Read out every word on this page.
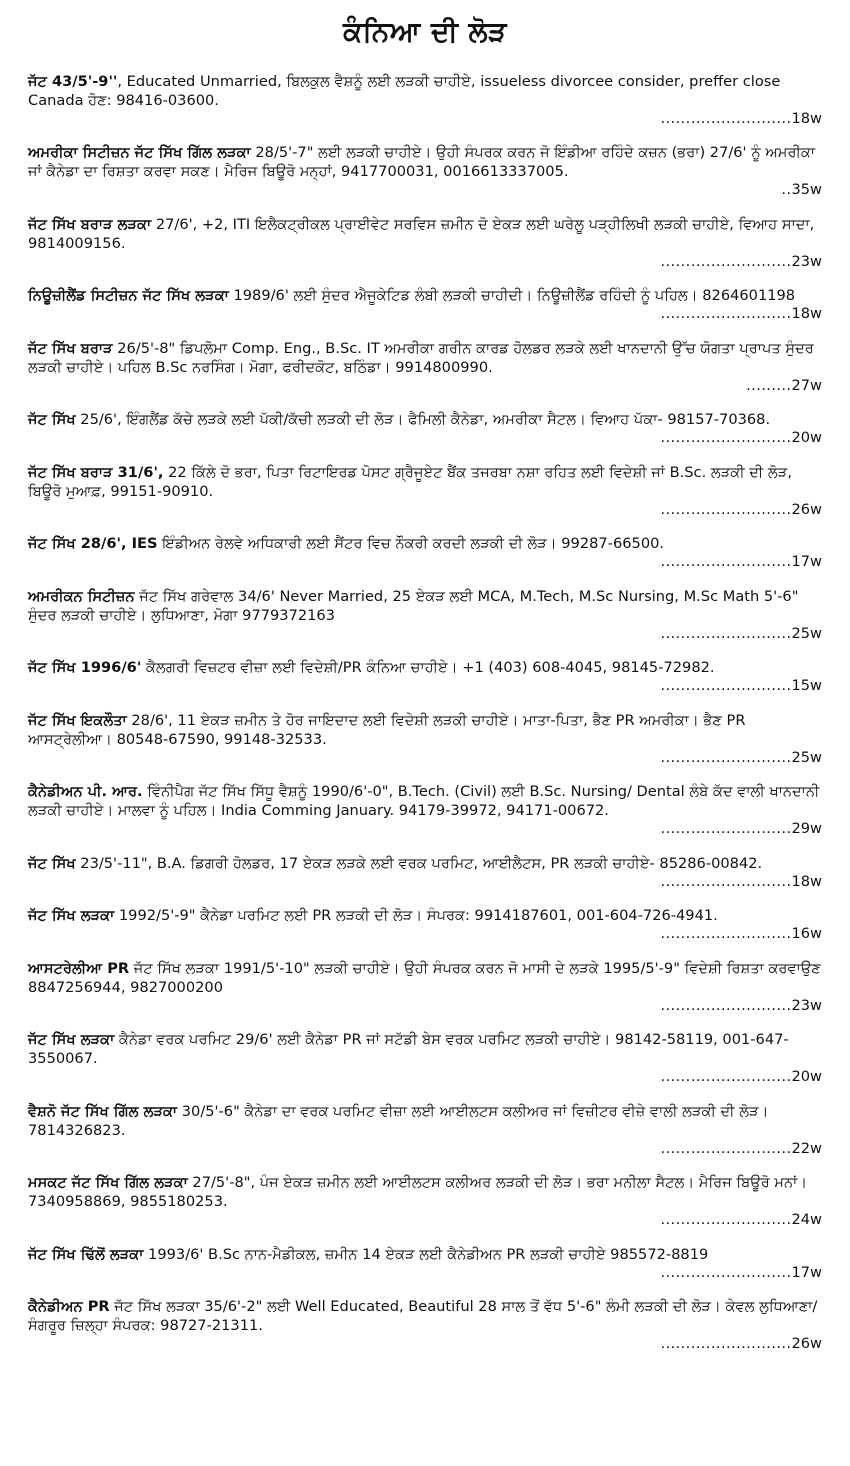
ਕੰਨਿਆ ਦੀ ਲੋੜ
ਜੱਟ 43/5'-9'', Educated Unmarried, ਬਿਲਕੁਲ ਵੈਸ਼ਨੂੰ ਲਈ ਲੜਕੀ ਚਾਹੀਏ, issueless divorcee consider, preffer close Canada ਹੋਣ: 98416-03600.
..........................18w
ਅਮਰੀਕਾ ਸਿਟੀਜ਼ਨ ਜੱਟ ਸਿੱਖ ਗਿੱਲ ਲੜਕਾ 28/5'-7" ਲਈ ਲੜਕੀ ਚਾਹੀਏ। ਉਹੀ ਸੰਪਰਕ ਕਰਨ ਜੋ ਇੰਡੀਆ ਰਹਿੰਦੇ ਕਜ਼ਨ (ਭਰਾ) 27/6' ਨੂੰ ਅਮਰੀਕਾ ਜਾਂ ਕੈਨੇਡਾ ਦਾ ਰਿਸ਼ਤਾ ਕਰਵਾ ਸਕਣ। ਮੈਰਿਜ ਬਿਊਰੋ ਮਨ੍ਹਾਂ, 9417700031, 0016613337005.
..35w
ਜੱਟ ਸਿੱਖ ਬਰਾੜ ਲੜਕਾ 27/6', +2, ITI ਇਲੈਕਟ੍ਰੀਕਲ ਪ੍ਰਾਈਵੇਟ ਸਰਵਿਸ ਜ਼ਮੀਨ ਦੋ ਏਕੜ ਲਈ ਘਰੇਲੂ ਪੜ੍ਹੀਲਿਖੀ ਲੜਕੀ ਚਾਹੀਏ, ਵਿਆਹ ਸਾਦਾ, 9814009156.
..........................23w
ਨਿਊਜ਼ੀਲੈਂਡ ਸਿਟੀਜ਼ਨ ਜੱਟ ਸਿੱਖ ਲੜਕਾ 1989/6' ਲਈ ਸੁੰਦਰ ਐਜੂਕੇਟਿਡ ਲੰਬੀ ਲੜਕੀ ਚਾਹੀਦੀ। ਨਿਊਜ਼ੀਲੈਂਡ ਰਹਿੰਦੀ ਨੂੰ ਪਹਿਲ। 8264601198
..........................18w
ਜੱਟ ਸਿੱਖ ਬਰਾੜ 26/5'-8" ਡਿਪਲੋਮਾ Comp. Eng., B.Sc. IT ਅਮਰੀਕਾ ਗਰੀਨ ਕਾਰਡ ਹੋਲਡਰ ਲੜਕੇ ਲਈ ਖਾਨਦਾਨੀ ਉੱਚ ਯੋਗਤਾ ਪ੍ਰਾਪਤ ਸੁੰਦਰ ਲੜਕੀ ਚਾਹੀਏ। ਪਹਿਲ B.Sc ਨਰਸਿੰਗ। ਮੋਗਾ, ਫਰੀਦਕੋਟ, ਬਠਿੰਡਾ। 9914800990.
.........27w
ਜੱਟ ਸਿੱਖ 25/6', ਇੰਗਲੈਂਡ ਕੱਚੇ ਲੜਕੇ ਲਈ ਪੱਕੀ/ਕੱਚੀ ਲੜਕੀ ਦੀ ਲੋੜ। ਫੈਮਿਲੀ ਕੈਨੇਡਾ, ਅਮਰੀਕਾ ਸੈਟਲ। ਵਿਆਹ ਪੱਕਾ- 98157-70368.
..........................20w
ਜੱਟ ਸਿੱਖ ਬਰਾੜ 31/6', 22 ਕਿੱਲੇ ਦੋ ਭਰਾ, ਪਿਤਾ ਰਿਟਾਇਰਡ ਪੋਸਟ ਗ੍ਰੈਜੂਏਟ ਬੈਂਕ ਤਜਰਬਾ ਨਸ਼ਾ ਰਹਿਤ ਲਈ ਵਿਦੇਸ਼ੀ ਜਾਂ B.Sc. ਲੜਕੀ ਦੀ ਲੋੜ, ਬਿਊਰੋ ਮੁਆਫ਼, 99151-90910.
..........................26w
ਜੱਟ ਸਿੱਖ 28/6', IES ਇੰਡੀਅਨ ਰੇਲਵੇ ਅਧਿਕਾਰੀ ਲਈ ਸੈਂਟਰ ਵਿਚ ਨੌਕਰੀ ਕਰਦੀ ਲੜਕੀ ਦੀ ਲੋੜ। 99287-66500.
..........................17w
ਅਮਰੀਕਨ ਸਿਟੀਜ਼ਨ ਜੱਟ ਸਿੱਖ ਗਰੇਵਾਲ 34/6' Never Married, 25 ਏਕੜ ਲਈ MCA, M.Tech, M.Sc Nursing, M.Sc Math 5'-6" ਸੁੰਦਰ ਲੜਕੀ ਚਾਹੀਏ। ਲੁਧਿਆਣਾ, ਮੋਗਾ 9779372163
..........................25w
ਜੱਟ ਸਿੱਖ 1996/6' ਕੈਲਗਰੀ ਵਿਜ਼ਟਰ ਵੀਜ਼ਾ ਲਈ ਵਿਦੇਸ਼ੀ/PR ਕੰਨਿਆ ਚਾਹੀਏ। +1 (403) 608-4045, 98145-72982.
..........................15w
ਜੱਟ ਸਿੱਖ ਇਕਲੌਤਾ 28/6', 11 ਏਕੜ ਜ਼ਮੀਨ ਤੇ ਹੋਰ ਜਾਇਦਾਦ ਲਈ ਵਿਦੇਸ਼ੀ ਲੜਕੀ ਚਾਹੀਏ। ਮਾਤਾ-ਪਿਤਾ, ਭੈਣ PR ਅਮਰੀਕਾ। ਭੈਣ PR ਆਸਟ੍ਰੇਲੀਆ। 80548-67590, 99148-32533.
..........................25w
ਕੈਨੇਡੀਅਨ ਪੀ. ਆਰ. ਵਿੰਨੀਪੈਗ ਜੱਟ ਸਿੱਖ ਸਿੱਧੂ ਵੈਸ਼ਨੂੰ 1990/6'-0", B.Tech. (Civil) ਲਈ B.Sc. Nursing/ Dental ਲੰਬੇ ਕੱਦ ਵਾਲੀ ਖਾਨਦਾਨੀ ਲੜਕੀ ਚਾਹੀਏ। ਮਾਲਵਾ ਨੂੰ ਪਹਿਲ। India Comming January. 94179-39972, 94171-00672.
..........................29w
ਜੱਟ ਸਿੱਖ 23/5'-11", B.A. ਡਿਗਰੀ ਹੋਲਡਰ, 17 ਏਕੜ ਲੜਕੇ ਲਈ ਵਰਕ ਪਰਮਿਟ, ਆਈਲੈਟਸ, PR ਲੜਕੀ ਚਾਹੀਏ- 85286-00842.
..........................18w
ਜੱਟ ਸਿੱਖ ਲੜਕਾ 1992/5'-9" ਕੈਨੇਡਾ ਪਰਮਿਟ ਲਈ PR ਲੜਕੀ ਦੀ ਲੋੜ। ਸੰਪਰਕ: 9914187601, 001-604-726-4941.
..........................16w
ਆਸਟਰੇਲੀਆ PR ਜੱਟ ਸਿੱਖ ਲੜਕਾ 1991/5'-10" ਲੜਕੀ ਚਾਹੀਏ। ਉਹੀ ਸੰਪਰਕ ਕਰਨ ਜੋ ਮਾਸੀ ਦੇ ਲੜਕੇ 1995/5'-9" ਵਿਦੇਸ਼ੀ ਰਿਸ਼ਤਾ ਕਰਵਾਉਣ 8847256944, 9827000200
..........................23w
ਜੱਟ ਸਿੱਖ ਲੜਕਾ ਕੈਨੇਡਾ ਵਰਕ ਪਰਮਿਟ 29/6' ਲਈ ਕੈਨੇਡਾ PR ਜਾਂ ਸਟੱਡੀ ਬੇਸ ਵਰਕ ਪਰਮਿਟ ਲੜਕੀ ਚਾਹੀਏ। 98142-58119, 001-647-3550067.
..........................20w
ਵੈਸ਼ਨੋ ਜੱਟ ਸਿੱਖ ਗਿੱਲ ਲੜਕਾ 30/5'-6" ਕੈਨੇਡਾ ਦਾ ਵਰਕ ਪਰਮਿਟ ਵੀਜ਼ਾ ਲਈ ਆਈਲਟਸ ਕਲੀਅਰ ਜਾਂ ਵਿਜ਼ੀਟਰ ਵੀਜ਼ੇ ਵਾਲੀ ਲੜਕੀ ਦੀ ਲੋੜ। 7814326823.
..........................22w
ਮਸਕਟ ਜੱਟ ਸਿੱਖ ਗਿੱਲ ਲੜਕਾ 27/5'-8", ਪੰਜ ਏਕੜ ਜ਼ਮੀਨ ਲਈ ਆਈਲਟਸ ਕਲੀਅਰ ਲੜਕੀ ਦੀ ਲੋੜ। ਭਰਾ ਮਨੀਲਾ ਸੈਟਲ। ਮੈਰਿਜ ਬਿਊਰੋ ਮਨਾਂ। 7340958869, 9855180253.
..........................24w
ਜੱਟ ਸਿੱਖ ਢਿੱਲੋਂ ਲੜਕਾ 1993/6' B.Sc ਨਾਨ-ਮੈਡੀਕਲ, ਜ਼ਮੀਨ 14 ਏਕੜ ਲਈ ਕੈਨੇਡੀਅਨ PR ਲੜਕੀ ਚਾਹੀਏ 985572-8819
..........................17w
ਕੈਨੇਡੀਅਨ PR ਜੱਟ ਸਿੱਖ ਲੜਕਾ 35/6'-2" ਲਈ Well Educated, Beautiful 28 ਸਾਲ ਤੋਂ ਵੱਧ 5'-6" ਲੰਮੀ ਲੜਕੀ ਦੀ ਲੋੜ। ਕੇਵਲ ਲੁਧਿਆਣਾ/ ਸੰਗਰੂਰ ਜ਼ਿਲ੍ਹਾ ਸੰਪਰਕ: 98727-21311.
..........................26w
